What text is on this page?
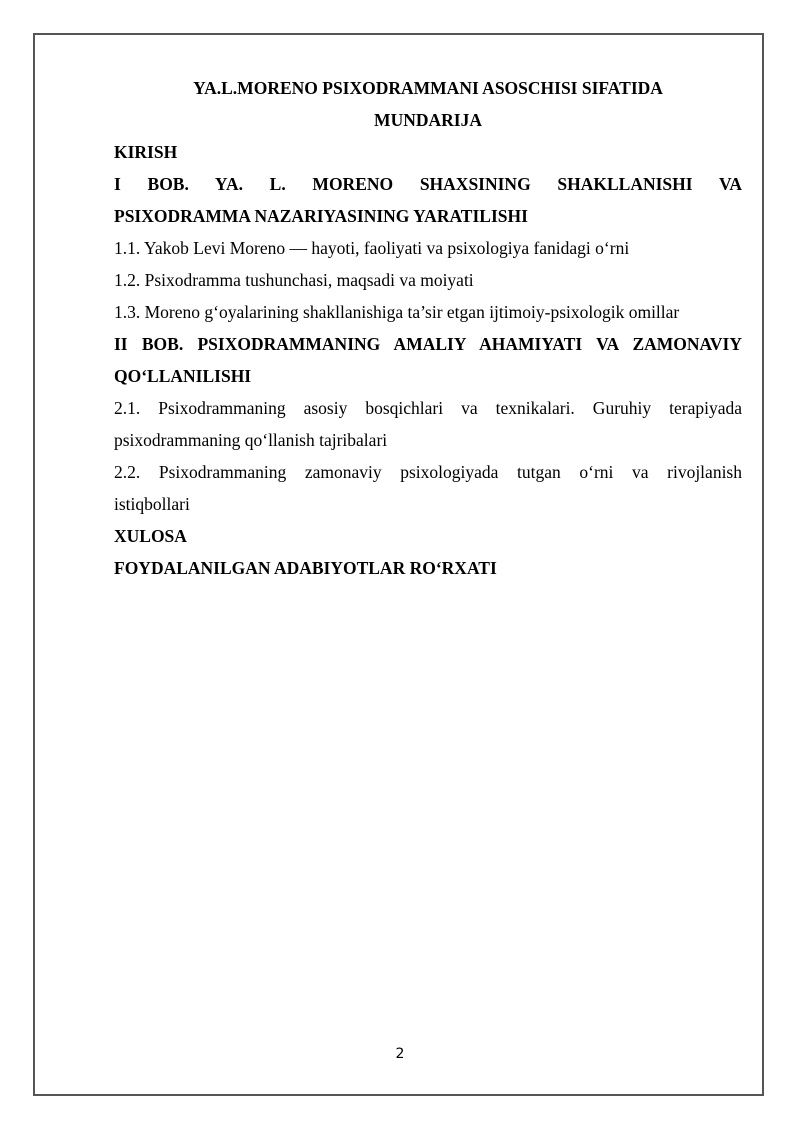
YA.L.MORENO PSIXODRAMMANI ASOSCHISI SIFATIDA
MUNDARIJA
KIRISH
I BOB. YA. L. MORENO SHAXSINING SHAKLLANISHI VA
PSIXODRAMMA NAZARIYASINING YARATILISHI
1.1. Yakob Levi Moreno — hayoti, faoliyati va psixologiya fanidagi o‘rni
1.2. Psixodramma tushunchasi, maqsadi va moiyati
1.3. Moreno g‘oyalarining shakllanishiga ta’sir etgan ijtimoiy-psixologik omillar
II BOB. PSIXODRAMMANING AMALIY AHAMIYATI VA ZAMONAVIY
QO‘LLANILISHI
2.1. Psixodrammaning asosiy bosqichlari va texnikalari. Guruhiy terapiyada
psixodrammaning qo‘llanish tajribalari
2.2. Psixodrammaning zamonaviy psixologiyada tutgan o‘rni va rivojlanish
istiqbollari
XULOSA
FOYDALANILGAN ADABIYOTLAR RO‘RXATI
2
